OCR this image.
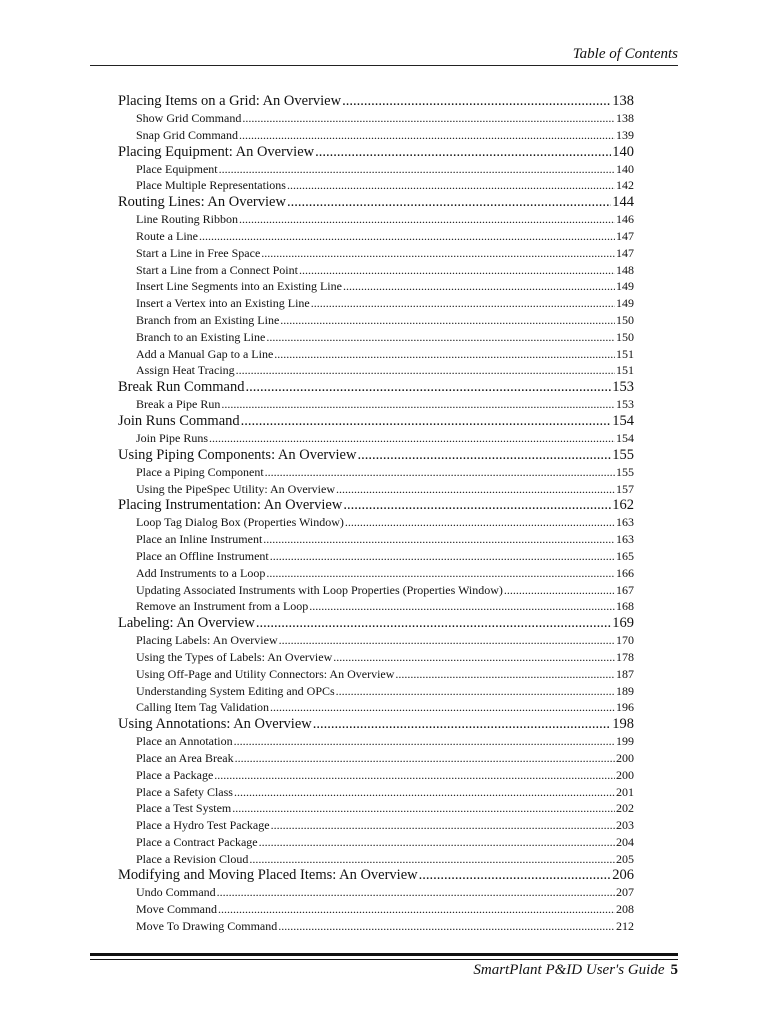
Table of Contents
Placing Items on a Grid: An Overview .....	138
Show Grid Command .....	138
Snap Grid Command .....	139
Placing Equipment: An Overview .....	140
Place Equipment .....	140
Place Multiple Representations .....	142
Routing Lines: An Overview .....	144
Line Routing Ribbon .....	146
Route a Line .....	147
Start a Line in Free Space .....	147
Start a Line from a Connect Point .....	148
Insert Line Segments into an Existing Line .....	149
Insert a Vertex into an Existing Line .....	149
Branch from an Existing Line .....	150
Branch to an Existing Line .....	150
Add a Manual Gap to a Line .....	151
Assign Heat Tracing .....	151
Break Run Command .....	153
Break a Pipe Run .....	153
Join Runs Command .....	154
Join Pipe Runs .....	154
Using Piping Components: An Overview .....	155
Place a Piping Component .....	155
Using the PipeSpec Utility: An Overview .....	157
Placing Instrumentation: An Overview .....	162
Loop Tag Dialog Box (Properties Window) .....	163
Place an Inline Instrument .....	163
Place an Offline Instrument .....	165
Add Instruments to a Loop .....	166
Updating Associated Instruments with Loop Properties (Properties Window) .....	167
Remove an Instrument from a Loop .....	168
Labeling: An Overview .....	169
Placing Labels: An Overview .....	170
Using the Types of Labels: An Overview .....	178
Using Off-Page and Utility Connectors: An Overview .....	187
Understanding System Editing and OPCs .....	189
Calling Item Tag Validation .....	196
Using Annotations: An Overview .....	198
Place an Annotation .....	199
Place an Area Break .....	200
Place a Package .....	200
Place a Safety Class .....	201
Place a Test System .....	202
Place a Hydro Test Package .....	203
Place a Contract Package .....	204
Place a Revision Cloud .....	205
Modifying and Moving Placed Items: An Overview .....	206
Undo Command .....	207
Move Command .....	208
Move To Drawing Command .....	212
SmartPlant P&ID User's Guide 5
